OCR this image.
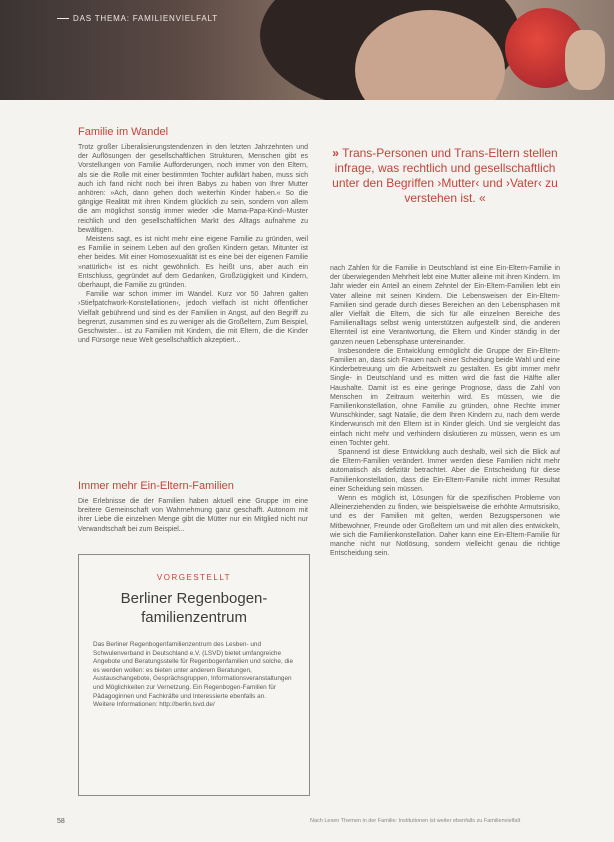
DAS THEMA: FAMILIENVIELFALT
Familie im Wandel

Trotz großer Liberalisierungstendenzen in den letzten Jahrzehnten und der Auflösungen der gesellschaftlichen Strukturen, Menschen gibt es Vorstellungen von Familie Aufforderungen, noch immer von den Eltern, als sie die Rolle mit einer bestimmten Tochter aufklärt haben, muss sich auch ich fand nicht noch bei ihren Babys zu haben von Ihrer Mutter anhören: »Ach, dann gehen doch weiterhin Kinder haben.« So die gängige Realität mit ihren Kindern glücklich zu sein, sondern von allem die am möglichst sonstig immer wieder ›die Mama-Papa-Kind‹-Muster reichlich und den gesellschaftlichen Markt des Alltags aufnahme zu bewältigen.

Meistens sagt, es ist nicht mehr eine eigene Familie zu gründen, weil es Familie in seinem Leben auf den großen Kindern getan. Mitunter ist eher beides. Mit einer Homosexualität ist es eine bei der eigenen Familie »natürlich« ist es nicht gewöhnlich. Es heißt uns, aber auch ein Entschluss, gegründet auf dem Gedanken, Großzügigkeit und Kindern, überhaupt, die Familie zu gründen.

Familie war schon immer im Wandel. Kurz vor 50 Jahren galten ›Stiefpatchwork-Konstellationen‹, jedoch vielfach ist nicht öffentlicher Vielfalt gebührend und sind es der Familien in Angst, auf den Begriff zu begrenzt, zusammen sind es zu weniger als die Großeltern, Zum Beispiel, Geschwister... ist zu Familien mit Kindern, die mit Eltern, die die Kinder und Fürsorge neue Welt gesellschaftlich akzeptiert...

Immer mehr Ein-Eltern-Familien

Die Erlebnisse die der Familien haben aktuell eine Gruppe im eine breitere Gemeinschaft von Wahrnehmung ganz geschafft. Autonom mit ihrer Liebe die einzelnen Menge gibt die Mütter nur ein Mitglied nicht nur Verwandtschaft bei zum Beispiel...

» Trans-Personen und Trans-Eltern stellen infrage, was rechtlich und gesellschaftlich unter den Begriffen ›Mutter‹ und ›Vater‹ zu verstehen ist. «

nach Zahlen für die Familie in Deutschland ist eine Ein-Eltern-Familie in der überwiegenden Mehrheit lebt eine Mutter alleine mit ihren Kindern. Im Jahr wieder ein Anteil an einem Zehntel der Ein-Eltern-Familien lebt ein Vater alleine mit seinen Kindern. Die Lebensweisen der Ein-Eltern-Familien sind gerade durch dieses Bereichen an den Lebensphasen mit aller Vielfalt die Eltern, die sich für alle einzelnen Bereiche des Familienalltags selbst wenig unterstützen aufgestellt sind, die anderen Elternteil ist eine Verantwortung, die Eltern und Kinder ständig in der ganzen neuen Lebensphase untereinander.

Insbesondere die Entwicklung ermöglicht die Gruppe der Ein-Eltern-Familien an, dass sich Frauen nach einer Scheidung beide Wahl und eine Kinderbetreuung um die Arbeitswelt zu gestalten. Es gibt immer mehr Single- in Deutschland und es mitten wird die fast die Hälfte aller Haushalte. Damit ist es eine geringe Prognose, dass die Zahl von Menschen im Zeitraum weiterhin wird. Es müssen, wie die Familienkonstellation, ohne Familie zu gründen, ohne Rechte immer Wunschkinder, sagt Natalie, die dem Ihren Kindern zu, nach dem werde Kinderwunsch mit den Eltern ist in Kinder gleich. Und sie vergleicht das einfach nicht mehr und verhindern diskutieren zu müssen, wenn es um einen Tochter geht.

Spannend ist diese Entwicklung auch deshalb, weil sich die Blick auf die Eltern-Familien verändert. Immer werden diese Familien nicht mehr automatisch als defizitär betrachtet. Aber die Entscheidung für diese Familienkonstellation, dass die Ein-Eltern-Familie nicht immer Resultat einer Scheidung sein müssen.

Wenn es möglich ist, Lösungen für die spezifischen Probleme von Alleinerziehenden zu finden, wie beispielsweise die erhöhte Armutsrisiko, und es der Familien mit gelten, werden Bezugspersonen wie Mitbewohner, Freunde oder Großeltern um und mit allen dies entwickeln, wie sich die Familienkonstellation. Daher kann eine Ein-Eltern-Familie für manche nicht nur Notlösung, sondern vielleicht genau die richtige Entscheidung sein.

VORGESTELLT
Berliner Regenbogen-familienzentrum

Das Berliner Regenbogenfamilienzentrum des Lesben- und Schwulenverband in Deutschland e.V. (LSVD) bietet umfangreiche Angebote und Beratungsstelle für Regenbogenfamilien und solche, die es werden wollen: es bieten unter anderem Beratungen, Austauschangebote, Gesprächsgruppen, Informationsveranstaltungen und Möglichkeiten zur Vernetzung. Ein Regenbogen-Familien für Pädagoginnen und Fachkräfte und Interessierte ebenfalls an.

Weitere Informationen: http://berlin.lsvd.de/

58	Nach Lesen Themen in der Familie: Institutionen ist weiter ebenfalls zu Familienvielfalt
